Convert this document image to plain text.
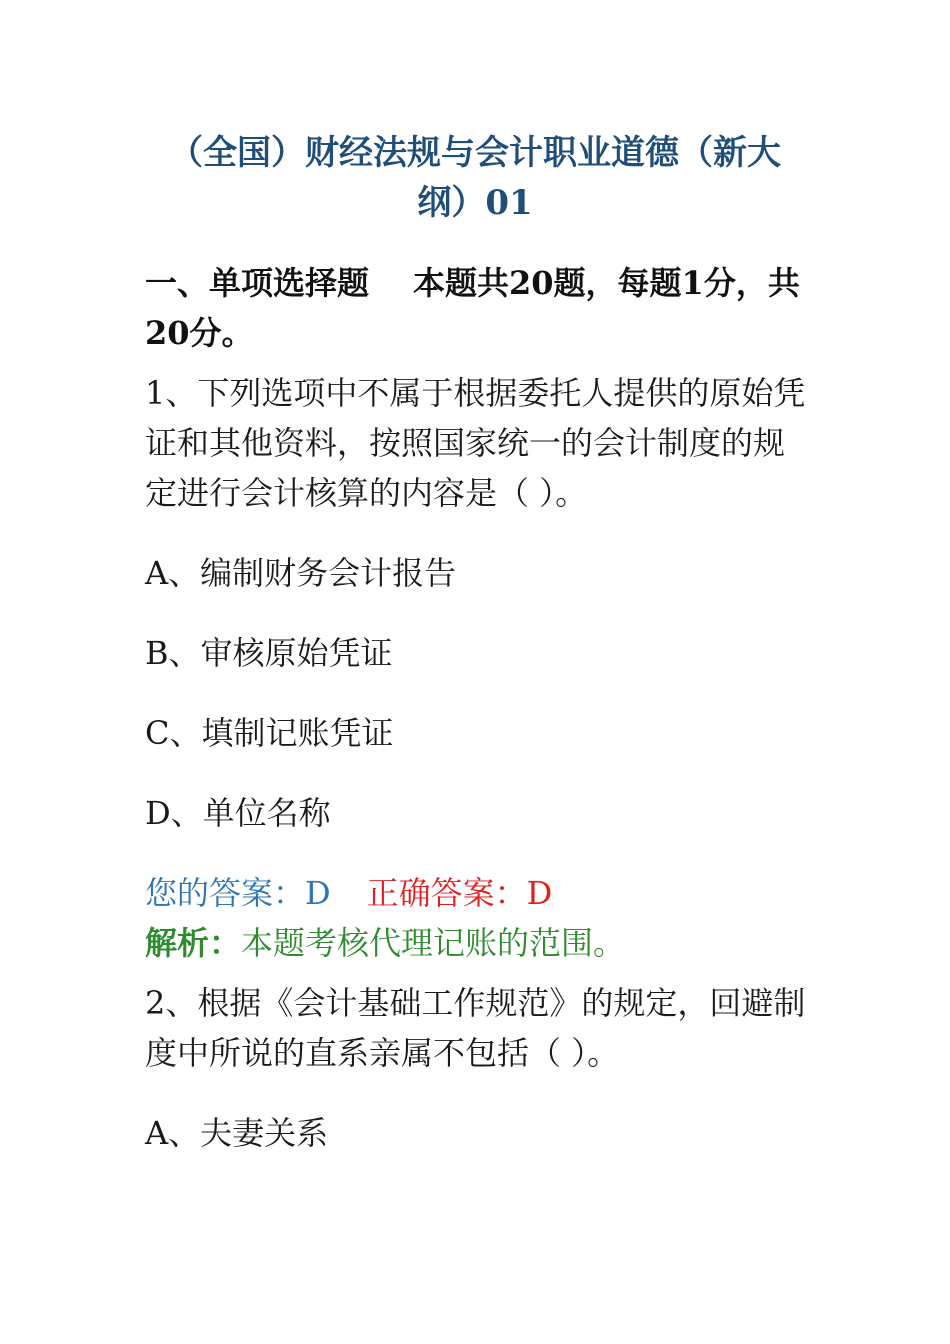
（全国）财经法规与会计职业道德（新大纲）01
一、单项选择题 本题共20题，每题1分，共20分。
1、下列选项中不属于根据委托人提供的原始凭证和其他资料，按照国家统一的会计制度的规定进行会计核算的内容是（ ）。
A、编制财务会计报告
B、审核原始凭证
C、填制记账凭证
D、单位名称
您的答案：D 正确答案：D
解析：本题考核代理记账的范围。
2、根据《会计基础工作规范》的规定，回避制度中所说的直系亲属不包括（ ）。
A、夫妻关系
